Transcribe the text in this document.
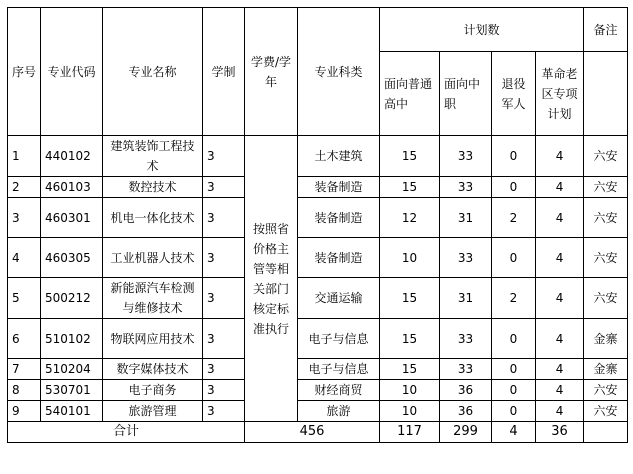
序号	专业代码	专业名称	学制	学费/学年	专业科类	计划数				备注
						面向普通高中	面向中职	退役军人	革命老区专项计划	
1	440102	建筑装饰工程技术	3	按照省价格主管等相关部门核定标准执行	土木建筑	15	33	0	4	六安
2	460103	数控技术	3		装备制造	15	33	0	4	六安
3	460301	机电一体化技术	3		装备制造	12	31	2	4	六安
4	460305	工业机器人技术	3		装备制造	10	33	0	4	六安
5	500212	新能源汽车检测与维修技术	3		交通运输	15	31	2	4	六安
6	510102	物联网应用技术	3		电子与信息	15	33	0	4	金寨
7	510204	数字媒体技术	3		电子与信息	15	33	0	4	金寨
8	530701	电子商务	3		财经商贸	10	36	0	4	六安
9	540101	旅游管理	3		旅游	10	36	0	4	六安
合计				456		117	299	4	36	
